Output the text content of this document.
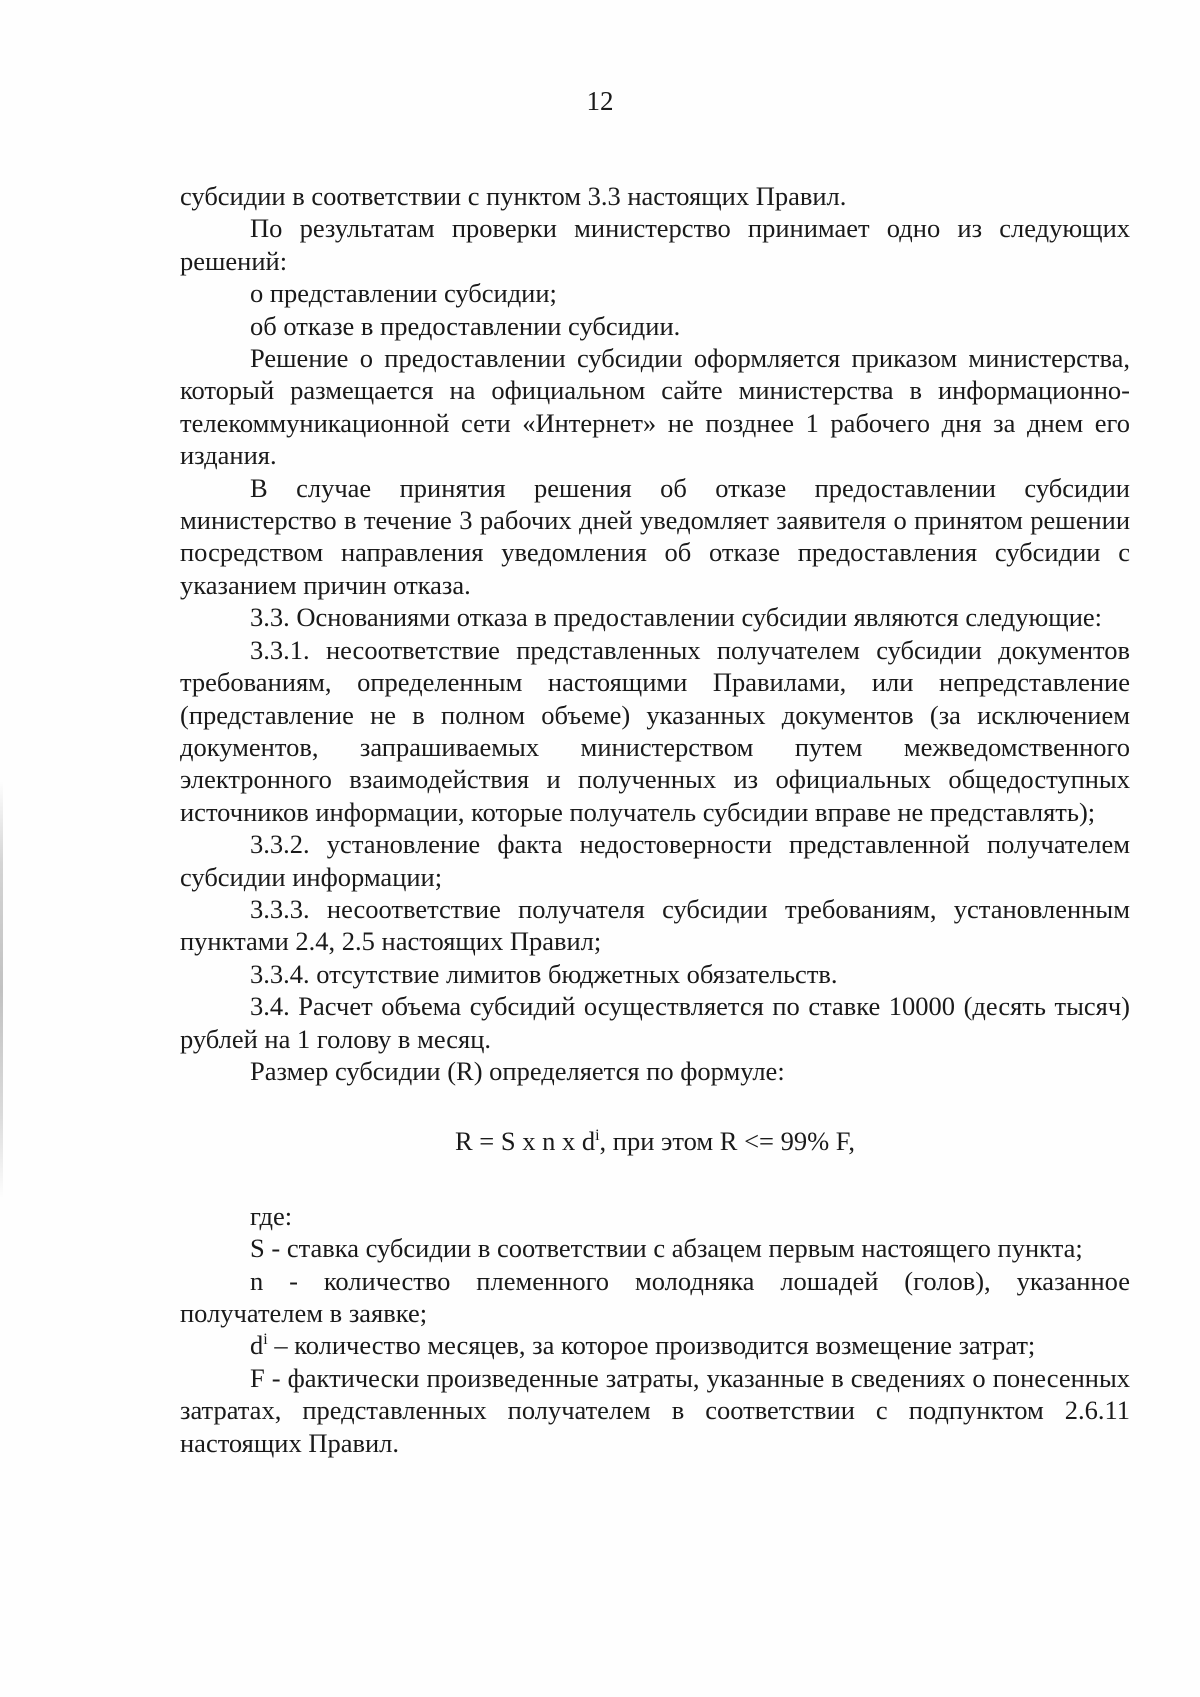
12

субсидии в соответствии с пунктом 3.3 настоящих Правил.

По результатам проверки министерство принимает одно из следующих решений:

о представлении субсидии;

об отказе в предоставлении субсидии.

Решение о предоставлении субсидии оформляется приказом министерства, который размещается на официальном сайте министерства в информационно-телекоммуникационной сети «Интернет» не позднее 1 рабочего дня за днем его издания.

В случае принятия решения об отказе предоставлении субсидии министерство в течение 3 рабочих дней уведомляет заявителя о принятом решении посредством направления уведомления об отказе предоставления субсидии с указанием причин отказа.

3.3. Основаниями отказа в предоставлении субсидии являются следующие:

3.3.1. несоответствие представленных получателем субсидии документов требованиям, определенным настоящими Правилами, или непредставление (представление не в полном объеме) указанных документов (за исключением документов, запрашиваемых министерством путем межведомственного электронного взаимодействия и полученных из официальных общедоступных источников информации, которые получатель субсидии вправе не представлять);

3.3.2. установление факта недостоверности представленной получателем субсидии информации;

3.3.3. несоответствие получателя субсидии требованиям, установленным пунктами 2.4, 2.5 настоящих Правил;

3.3.4. отсутствие лимитов бюджетных обязательств.

3.4. Расчет объема субсидий осуществляется по ставке 10000 (десять тысяч) рублей на 1 голову в месяц.

Размер субсидии (R) определяется по формуле:

R = S x n x $d^i$, при этом R <= 99% F,

где:

S - ставка субсидии в соответствии с абзацем первым настоящего пункта;

n - количество племенного молодняка лошадей (голов), указанное получателем в заявке;

$d^i$ – количество месяцев, за которое производится возмещение затрат;

F - фактически произведенные затраты, указанные в сведениях о понесенных затратах, представленных получателем в соответствии с подпунктом 2.6.11 настоящих Правил.
